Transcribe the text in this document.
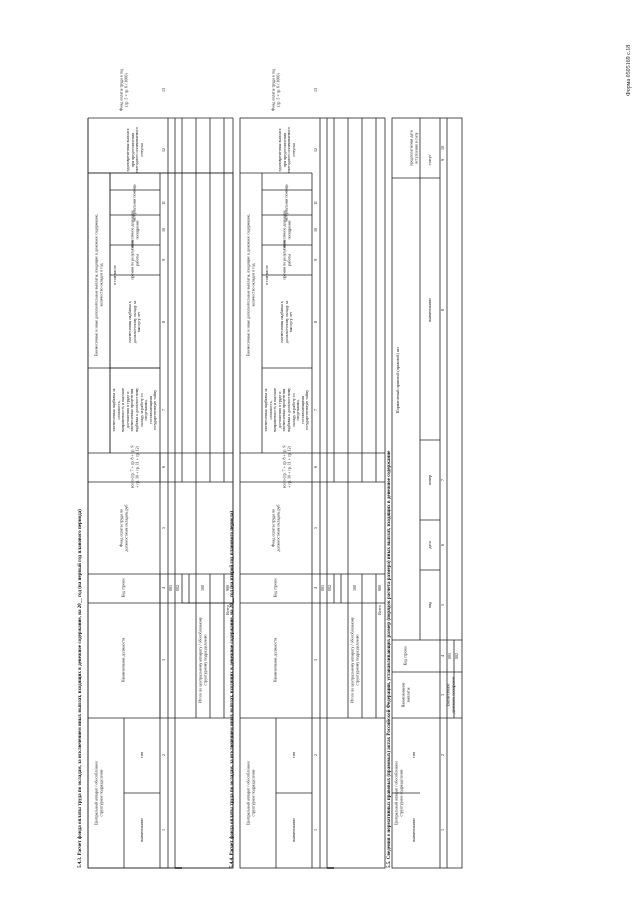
Форма 0505169 с.18
5.4.3. Расчет фонда оплаты труда по окладам, за исключением иных выплат, входящих в денежное содержание, на 20__ год (на первый год планового периода)	Центральный аппарат / обособленное структурное подразделение
наименование
тип
Наименование должности
Код строки
Фонд оплаты труда по должностным окладам, руб
Ежемесячные и иные дополнительные выплаты, входящие в денежное содержание, количество окладов в год
всего (гр. 7 + гр. 8 + гр. 9 + гр. 10 + гр. 11 + гр. 12)
в том числе
ежемесячная надбавка за сложность, напряженность и высокие достижения в труде и ежемесячная процентная надбавка к должностному окладу за работу со сведениями, составляющими государственную тайну
ежемесячная надбавка к должностному окладу за выслугу лет
премии по результатам работы
ежемесячное денежное поощрение
материальная помощь
единовременная выплата при предоставлении ежегодного оплачиваемого отпуска
Фонд оплаты труда в год (гр. 5 × гр. 6 / 1000)
1
2
3
4
5
6
7
8
9
10
11
12
13
001 002
Итого по центральному аппарату / обособленному структурному подразделению
100
Всего
900 5.4.4. Расчет фонда оплаты труда по окладам, за исключением иных выплат, входящих в денежное содержание, на 20__ год (на второй год планового периода)	Центральный аппарат / обособленное структурное подразделение
наименование
тип
Наименование должности
Код строки
Фонд оплаты труда по должностным окладам, руб
Ежемесячные и иные дополнительные выплаты, входящие в денежное содержание, количество окладов в год
всего (гр. 7 + гр. 8 + гр. 9 + гр. 10 + гр. 11 + гр. 12)
в том числе
ежемесячная надбавка за сложность, напряженность и высокие достижения в труде и ежемесячная процентная надбавка к должностному окладу за работу со сведениями, составляющими государственную тайну
ежемесячная надбавка к должностному окладу за выслугу лет
премии по результатам работы
ежемесячное денежное поощрение
материальная помощь
единовременная выплата при предоставлении ежегодного оплачиваемого отпуска
Фонд оплаты труда в год (гр. 5 × гр. 6 / 1000)
1
2
3
4
5
6
7
8
9
10
11
12
13
001 002
Итого по центральному аппарату / обособленному структурному подразделению
100
Всего
900 5.5. Сведения о нормативных правовых (правовых) актах Российской Федерации, устанавливающих размер (порядок расчета размера) иных выплат, входящих в денежное содержание Центральный аппарат / обособленное структурное подразделение
наименование
тип
Наименование выплаты
Код строки
Нормативный правовой (правовой) акт
вид
дата
номер
наименование
статус
предполагаемая дата вступления в силу
1
2
3
4
5
6
7
8
9
10
Ежемесячное денежное поощрение
001 002
